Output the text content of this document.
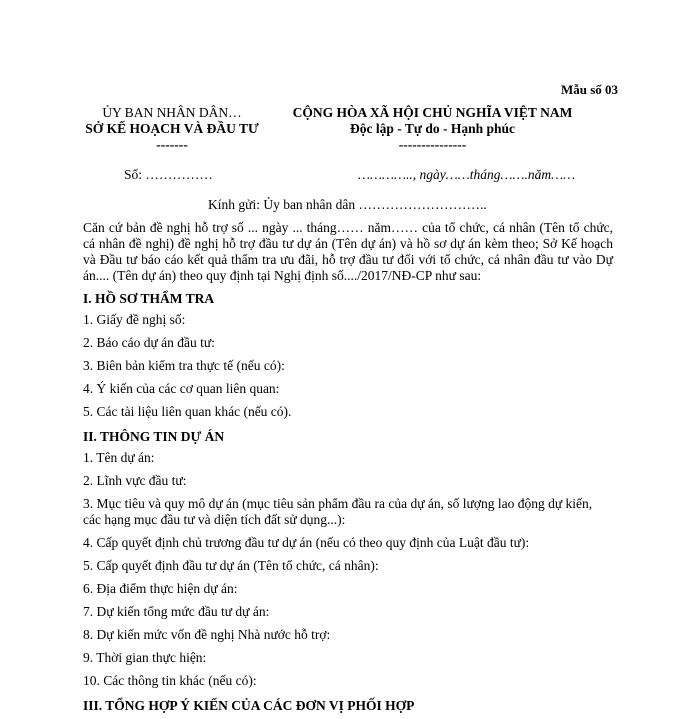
Mẫu số 03
ỦY BAN NHÂN DÂN…
SỞ KẾ HOẠCH VÀ ĐẦU TƯ
-------
CỘNG HÒA XÃ HỘI CHỦ NGHĨA VIỆT NAM
Độc lập - Tự do - Hạnh phúc
---------------
Số: ……………	………….., ngày……tháng…….năm……
Kính gửi: Ủy ban nhân dân ………………………..

Căn cứ bản đề nghị hỗ trợ số ... ngày ... tháng…… năm…… của tổ chức, cá nhân (Tên tổ chức, cá nhân đề nghị) đề nghị hỗ trợ đầu tư dự án (Tên dự án) và hồ sơ dự án kèm theo; Sở Kế hoạch và Đầu tư báo cáo kết quả thẩm tra ưu đãi, hỗ trợ đầu tư đối với tổ chức, cá nhân đầu tư vào Dự án.... (Tên dự án) theo quy định tại Nghị định số..../2017/NĐ-CP như sau:

I. HỒ SƠ THẨM TRA
1. Giấy đề nghị số:
2. Báo cáo dự án đầu tư:
3. Biên bản kiểm tra thực tế (nếu có):
4. Ý kiến của các cơ quan liên quan:
5. Các tài liệu liên quan khác (nếu có).
II. THÔNG TIN DỰ ÁN
1. Tên dự án:
2. Lĩnh vực đầu tư:
3. Mục tiêu và quy mô dự án (mục tiêu sản phẩm đầu ra của dự án, số lượng lao động dự kiến, các hạng mục đầu tư và diện tích đất sử dụng...):
4. Cấp quyết định chủ trương đầu tư dự án (nếu có theo quy định của Luật đầu tư):
5. Cấp quyết định đầu tư dự án (Tên tổ chức, cá nhân):
6. Địa điểm thực hiện dự án:
7. Dự kiến tổng mức đầu tư dự án:
8. Dự kiến mức vốn đề nghị Nhà nước hỗ trợ:
9. Thời gian thực hiện:
10. Các thông tin khác (nếu có):
III. TỔNG HỢP Ý KIẾN CỦA CÁC ĐƠN VỊ PHỐI HỢP
